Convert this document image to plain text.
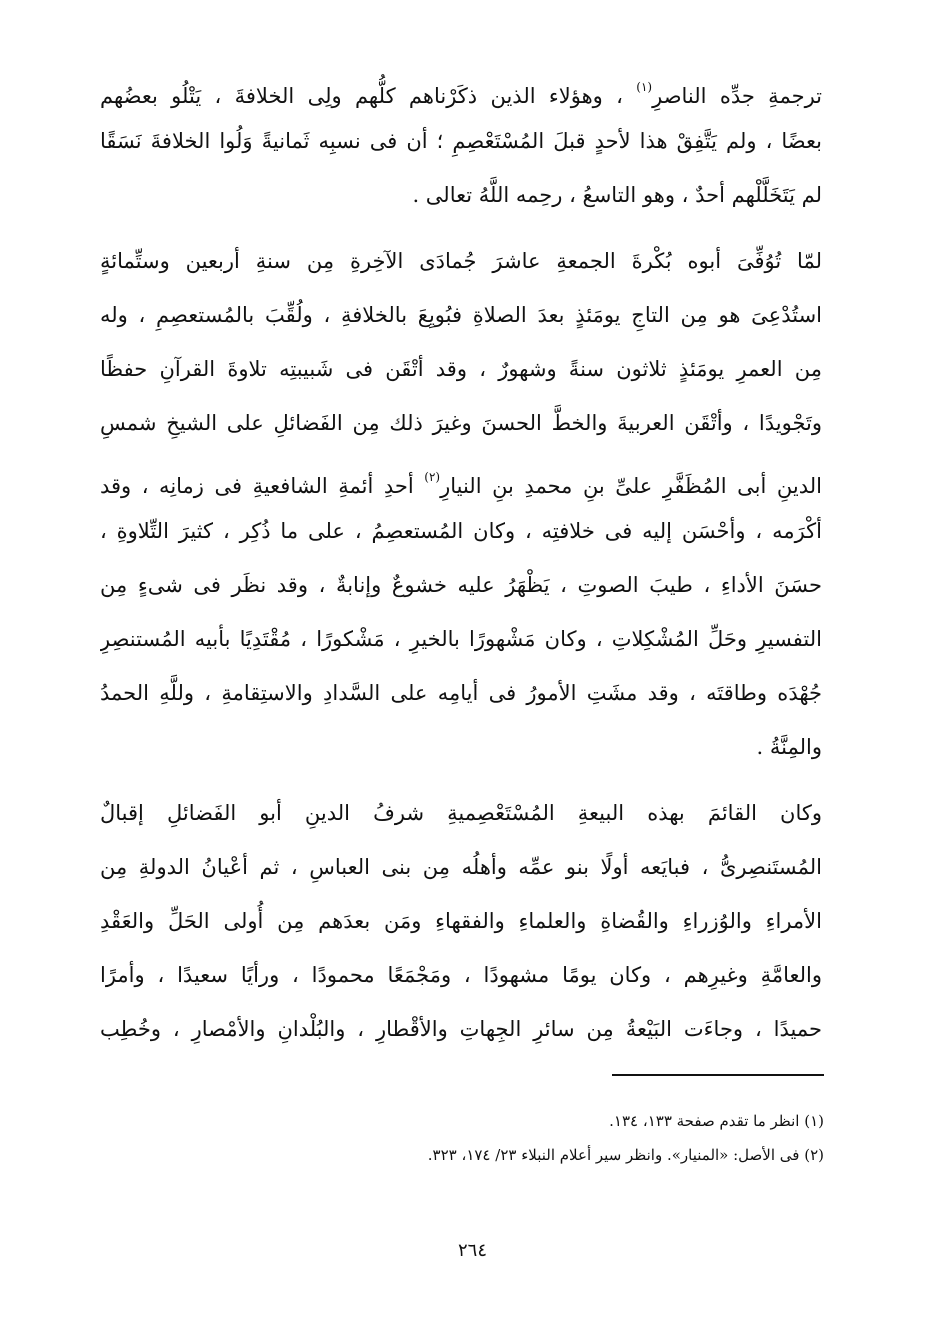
ترجمةِ جدِّه الناصرِ$^{(١)}$ ، وهؤلاء الذين ذكَرْناهم كلُّهم ولِى الخلافةَ ، يَتْلُو بعضُهم
بعضًا ، ولم يَتَّفِقْ هذا لأحدٍ قبلَ المُسْتَعْصِمِ ؛ أن فى نسبِه ثَمانيةً وَلُوا الخلافةَ نَسَقًا
لم يَتَخَلَّلْهم أحدٌ ، وهو التاسعُ ، رحِمه اللَّهُ تعالى .
لمّا تُوُفِّىَ أبوه بُكْرةَ الجمعةِ عاشرَ جُمادَى الآخِرةِ مِن سنةِ أربعين وستِّمائةٍ
استُدْعِىَ هو مِن التاجِ يومَئذٍ بعدَ الصلاةِ فبُويِعَ بالخلافةِ ، ولُقِّبَ بالمُستعصِمِ ، وله
مِن العمرِ يومَئذٍ ثلاثون سنةً وشهورٌ ، وقد أتْقَن فى شَبيبتِه تلاوةَ القرآنِ حفظًا
وتَجْويدًا ، وأتْقَن العربيةَ والخطَّ الحسنَ وغيرَ ذلك مِن الفَضائلِ على الشيخِ شمسِ
الدينِ أبى المُظَفَّرِ علىِّ بنِ محمدِ بنِ النيارِ$^{(٢)}$ أحدِ أئمةِ الشافعيةِ فى زمانِه ، وقد
أكْرَمه ، وأحْسَن إليه فى خلافتِه ، وكان المُستعصِمُ ، على ما ذُكِر ، كثيرَ التِّلاوةِ ،
حسَنَ الأداءِ ، طيبَ الصوتِ ، يَظْهَرُ عليه خشوعٌ وإنابةٌ ، وقد نظَر فى شىءٍ مِن
التفسيرِ وحَلِّ المُشْكِلاتِ ، وكان مَشْهورًا بالخيرِ ، مَشْكورًا ، مُقْتَدِيًا بأبيه المُستنصِرِ
جُهْدَه وطاقتَه ، وقد مشَتِ الأمورُ فى أيامِه على السَّدادِ والاستِقامةِ ، وللَّهِ الحمدُ
والمِنَّةُ .
وكان القائمَ بهذه البيعةِ المُسْتَعْصِميةِ شرفُ الدينِ أبو الفَضائلِ إقبالٌ
المُستَنصِرىُّ ، فبايَعه أولًا بنو عمِّه وأهلُه مِن بنى العباسِ ، ثم أعْيانُ الدولةِ مِن
الأمراءِ والوُزراءِ والقُضاةِ والعلماءِ والفقهاءِ ومَن بعدَهم مِن أُولى الحَلِّ والعَقْدِ
والعامَّةِ وغيرِهم ، وكان يومًا مشهودًا ، ومَجْمَعًا محمودًا ، ورأيًا سعيدًا ، وأمرًا
حميدًا ، وجاءَت البَيْعةُ مِن سائرِ الجِهاتِ والأقْطارِ ، والبُلْدانِ والأمْصارِ ، وخُطِب
(١) انظر ما تقدم صفحة ١٣٣، ١٣٤.
(٢) فى الأصل: «المنيار». وانظر سير أعلام النبلاء ٢٣/ ١٧٤، ٣٢٣.
٢٦٤
